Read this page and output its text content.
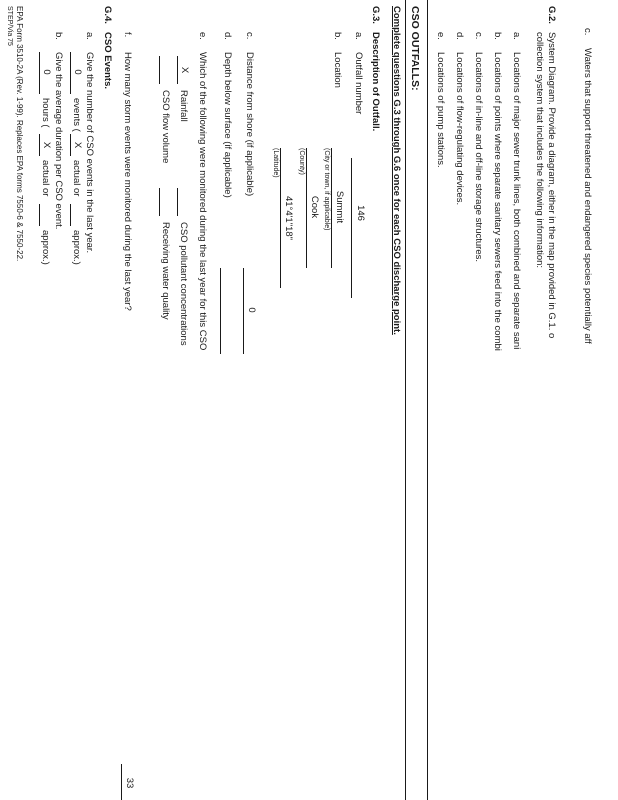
c.
Waters that support threatened and endangered species potentially aff
G.2.
System Diagram. Provide a diagram, either in the map provided in G.1. o
collection system that includes the following information:
a.
Locations of major sewer trunk lines, both combined and separate sani
b.
Locations of points where separate sanitary sewers feed into the combi
c.
Locations of in-line and off-line storage structures.
d.
Locations of flow-regulating devices.
e.
Locations of pump stations.
CSO OUTFALLS:
Complete questions G.3 through G.6 once for each CSO discharge point.
G.3.
Description of Outfall.
a.
Outfall number
146
b.
Location
Summit
(City or town, if applicable)
Cook
(County)
41°4'1"18"
(Latitude)
c.
Distance from shore (if applicable)
0
d.
Depth below surface (if applicable)
e.
Which of the following were monitored during the last year for this CSO
X
Rainfall
CSO flow volume
CSO pollutant concentrations
Receiving water quality
f.
How many storm events were monitored during the last year?
33
G.4.
CSO Events.
a.
Give the number of CSO events in the last year.
0
events (
X
actual or
approx.)
b.
Give the average duration per CSO event.
0
hours (
X
actual or
approx.)
EPA Form 3510-2A (Rev. 1-99). Replaces EPA forms 7550-6 & 7550-22.
STEP/Via 75
